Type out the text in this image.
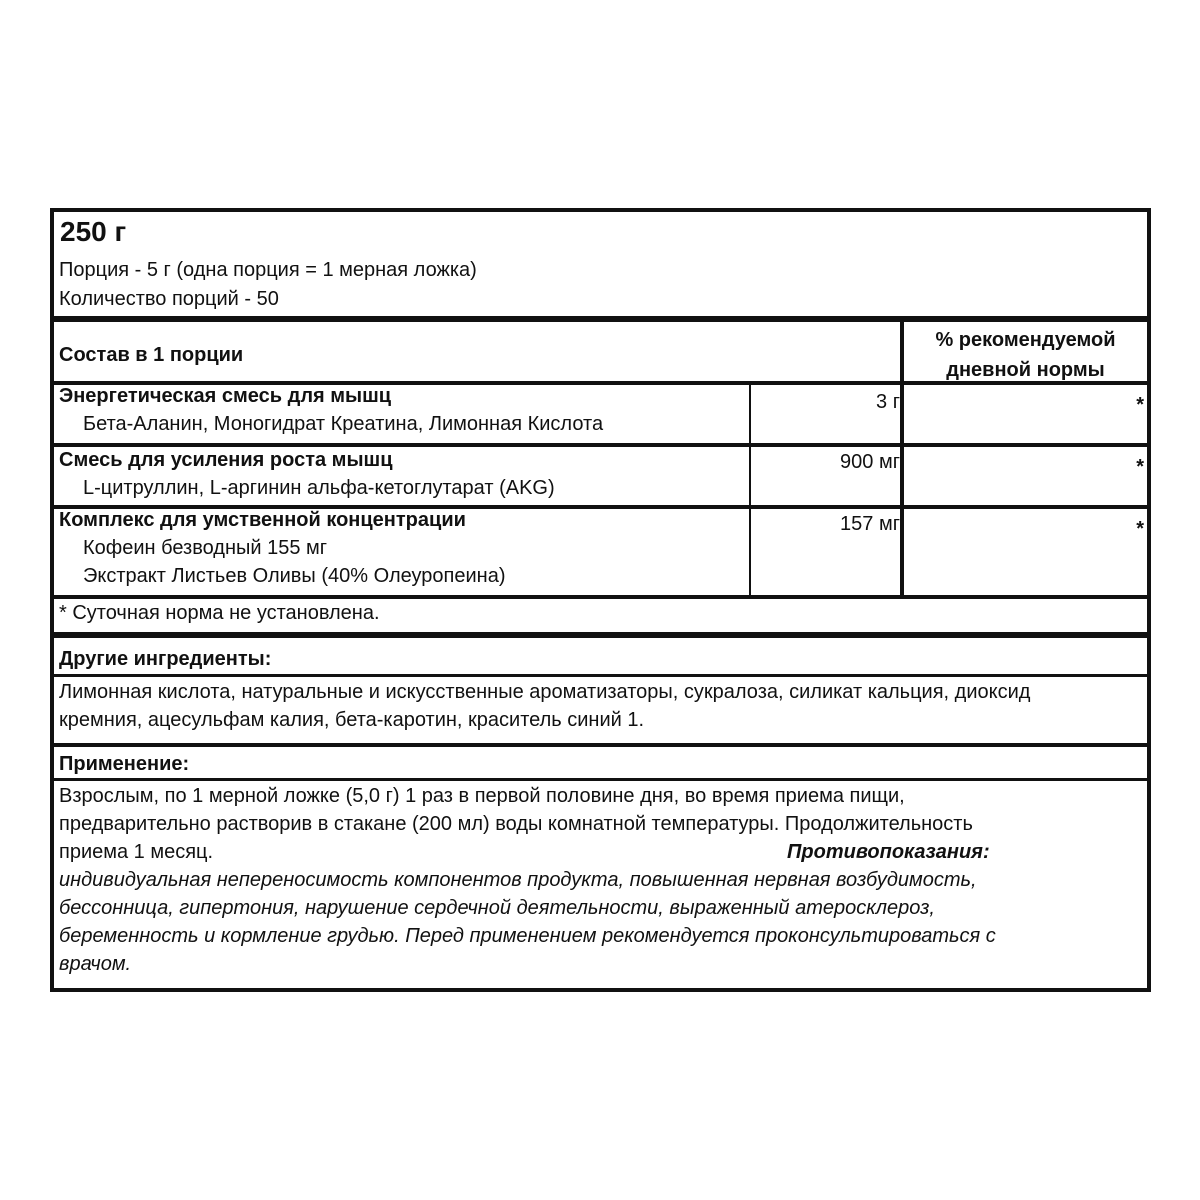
250 г
Порция - 5 г (одна порция = 1 мерная ложка)
Количество порций - 50
Состав в 1 порции
% рекомендуемой
дневной нормы
Энергетическая смесь для мышц
Бета-Аланин, Моногидрат Креатина, Лимонная Кислота
3 г	*
Смесь для усиления роста мышц
L-цитруллин, L-аргинин альфа-кетоглутарат (AKG)
900 мг	*
Комплекс для умственной концентрации
Кофеин безводный 155 мг
Экстракт Листьев Оливы (40% Олеуропеина)
157 мг	*
* Суточная норма не установлена.
Другие ингредиенты:
Лимонная кислота, натуральные и искусственные ароматизаторы, сукралоза, силикат кальция, диоксид
кремния, ацесульфам калия, бета-каротин, краситель синий 1.
Применение:
Взрослым, по 1 мерной ложке (5,0 г) 1 раз в первой половине дня, во время приема пищи,
предварительно растворив в стакане (200 мл) воды комнатной температуры. Продолжительность
приема 1 месяц.	Противопоказания:
индивидуальная непереносимость компонентов продукта, повышенная нервная возбудимость,
бессонница, гипертония, нарушение сердечной деятельности, выраженный атеросклероз,
беременность и кормление грудью. Перед применением рекомендуется проконсультироваться с
врачом.
